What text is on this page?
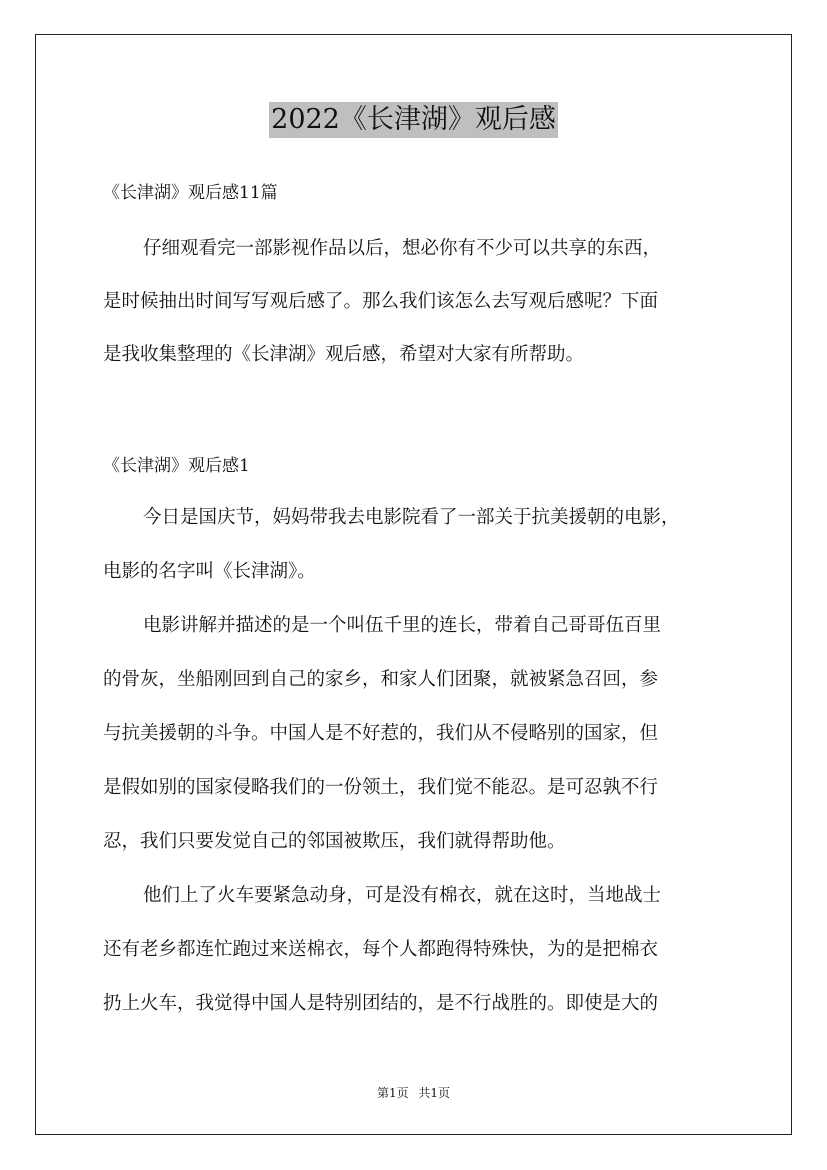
2022《长津湖》观后感
《长津湖》观后感11篇
仔细观看完一部影视作品以后，想必你有不少可以共享的东西，
是时候抽出时间写写观后感了。那么我们该怎么去写观后感呢？下面
是我收集整理的《长津湖》观后感，希望对大家有所帮助。
《长津湖》观后感1
今日是国庆节，妈妈带我去电影院看了一部关于抗美援朝的电影，
电影的名字叫《长津湖》。
电影讲解并描述的是一个叫伍千里的连长，带着自己哥哥伍百里
的骨灰，坐船刚回到自己的家乡，和家人们团聚，就被紧急召回，参
与抗美援朝的斗争。中国人是不好惹的，我们从不侵略别的国家，但
是假如别的国家侵略我们的一份领土，我们觉不能忍。是可忍孰不行
忍，我们只要发觉自己的邻国被欺压，我们就得帮助他。
他们上了火车要紧急动身，可是没有棉衣，就在这时，当地战士
还有老乡都连忙跑过来送棉衣，每个人都跑得特殊快，为的是把棉衣
扔上火车，我觉得中国人是特别团结的，是不行战胜的。即使是大的
第1页 共1页
